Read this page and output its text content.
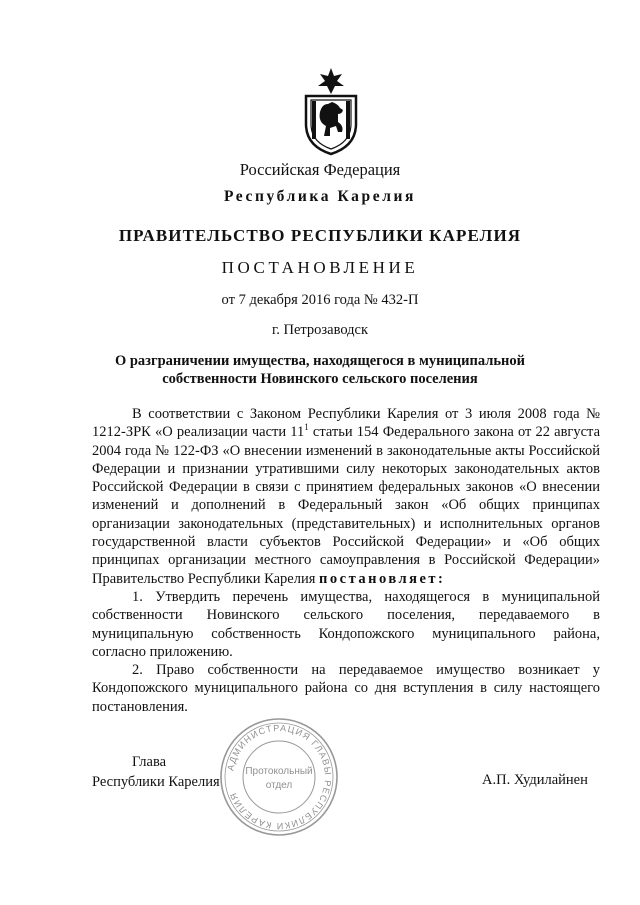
Российская Федерация
Республика Карелия
ПРАВИТЕЛЬСТВО РЕСПУБЛИКИ КАРЕЛИЯ
ПОСТАНОВЛЕНИЕ
от 7 декабря 2016 года № 432-П
г. Петрозаводск
О разграничении имущества, находящегося в муниципальной
собственности Новинского сельского поселения

В соответствии с Законом Республики Карелия от 3 июля 2008 года № 1212-ЗРК «О реализации части $11^1$ статьи 154 Федерального закона от 22 августа 2004 года № 122-ФЗ «О внесении изменений в законодательные акты Российской Федерации и признании утратившими силу некоторых законодательных актов Российской Федерации в связи с принятием федеральных законов «О внесении изменений и дополнений в Федеральный закон «Об общих принципах организации законодательных (представительных) и исполнительных органов государственной власти субъектов Российской Федерации» и «Об общих принципах организации местного самоуправления в Российской Федерации» Правительство Республики Карелия постановляет:

1. Утвердить перечень имущества, находящегося в муниципальной собственности Новинского сельского поселения, передаваемого в муниципальную собственность Кондопожского муниципального района, согласно приложению.

2. Право собственности на передаваемое имущество возникает у Кондопожского муниципального района со дня вступления в силу настоящего постановления.

Глава
Республики Карелия	А.П. Худилайнен
АДМИНИСТРАЦИЯ ГЛАВЫ РЕСПУБЛИКИ КАРЕЛИЯ
Протокольный
отдел
